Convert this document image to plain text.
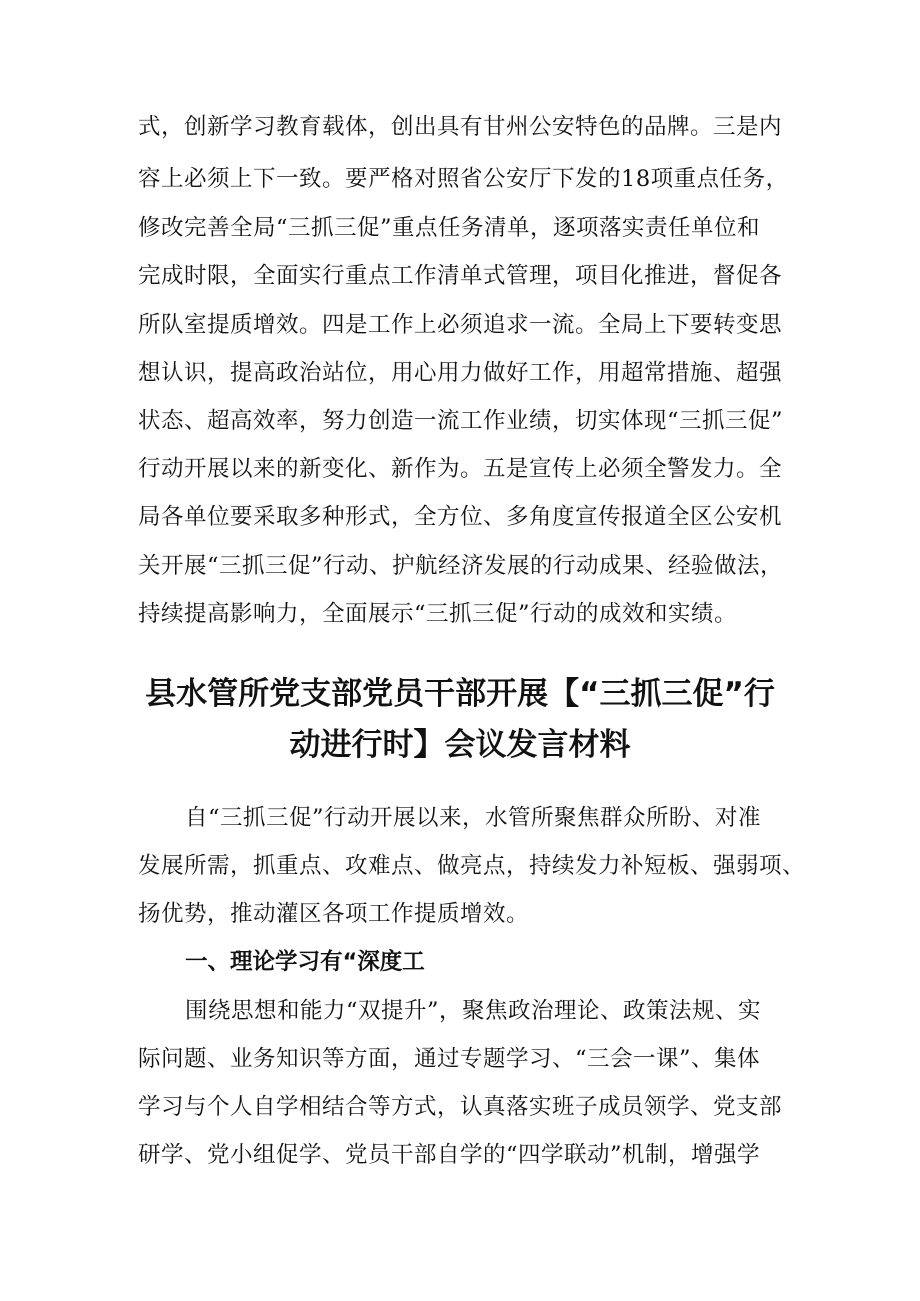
式，创新学习教育载体，创出具有甘州公安特色的品牌。三是内
容上必须上下一致。要严格对照省公安厅下发的18项重点任务，
修改完善全局“三抓三促”重点任务清单，逐项落实责任单位和
完成时限，全面实行重点工作清单式管理，项目化推进，督促各
所队室提质增效。四是工作上必须追求一流。全局上下要转变思
想认识，提高政治站位，用心用力做好工作，用超常措施、超强
状态、超高效率，努力创造一流工作业绩，切实体现“三抓三促”
行动开展以来的新变化、新作为。五是宣传上必须全警发力。全
局各单位要采取多种形式，全方位、多角度宣传报道全区公安机
关开展“三抓三促”行动、护航经济发展的行动成果、经验做法，
持续提高影响力，全面展示“三抓三促”行动的成效和实绩。
县水管所党支部党员干部开展【“三抓三促”行
动进行时】会议发言材料
自“三抓三促”行动开展以来，水管所聚焦群众所盼、对准
发展所需，抓重点、攻难点、做亮点，持续发力补短板、强弱项、
扬优势，推动灌区各项工作提质增效。
一、理论学习有“深度工
围绕思想和能力“双提升”，聚焦政治理论、政策法规、实
际问题、业务知识等方面，通过专题学习、“三会一课”、集体
学习与个人自学相结合等方式，认真落实班子成员领学、党支部
研学、党小组促学、党员干部自学的“四学联动”机制，增强学
